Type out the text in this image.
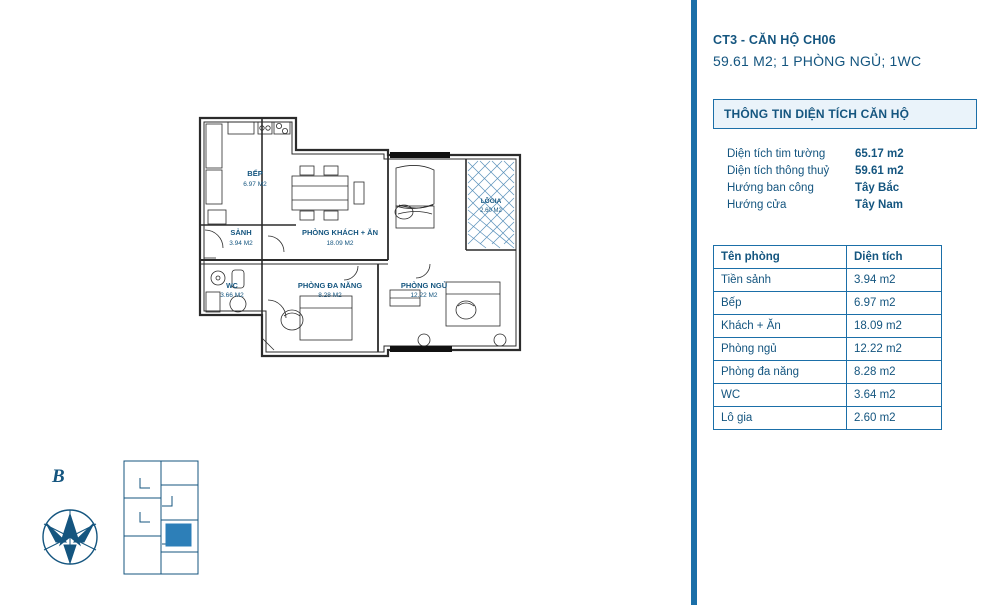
BẾP
6.97 M2
SẢNH
3.94 M2
PHÒNG KHÁCH + ĂN
18.09 M2
WC
3.66 M2
PHÒNG ĐA NĂNG
8.28 M2
PHÒNG NGỦ
12.22 M2
LÔGIA
2.60 M2
B
CT3 - CĂN HỘ CH06
59.61 M2; 1 PHÒNG NGỦ; 1WC
THÔNG TIN DIỆN TÍCH CĂN HỘ
Diện tích tim tường	65.17 m2
Diện tích thông thuỷ	59.61 m2
Hướng ban công	Tây Bắc
Hướng cửa	Tây Nam
Tên phòng	Diện tích
Tiền sảnh	3.94 m2
Bếp	6.97 m2
Khách + Ăn	18.09 m2
Phòng ngủ	12.22 m2
Phòng đa năng	8.28 m2
WC	3.64 m2
Lô gia	2.60 m2
